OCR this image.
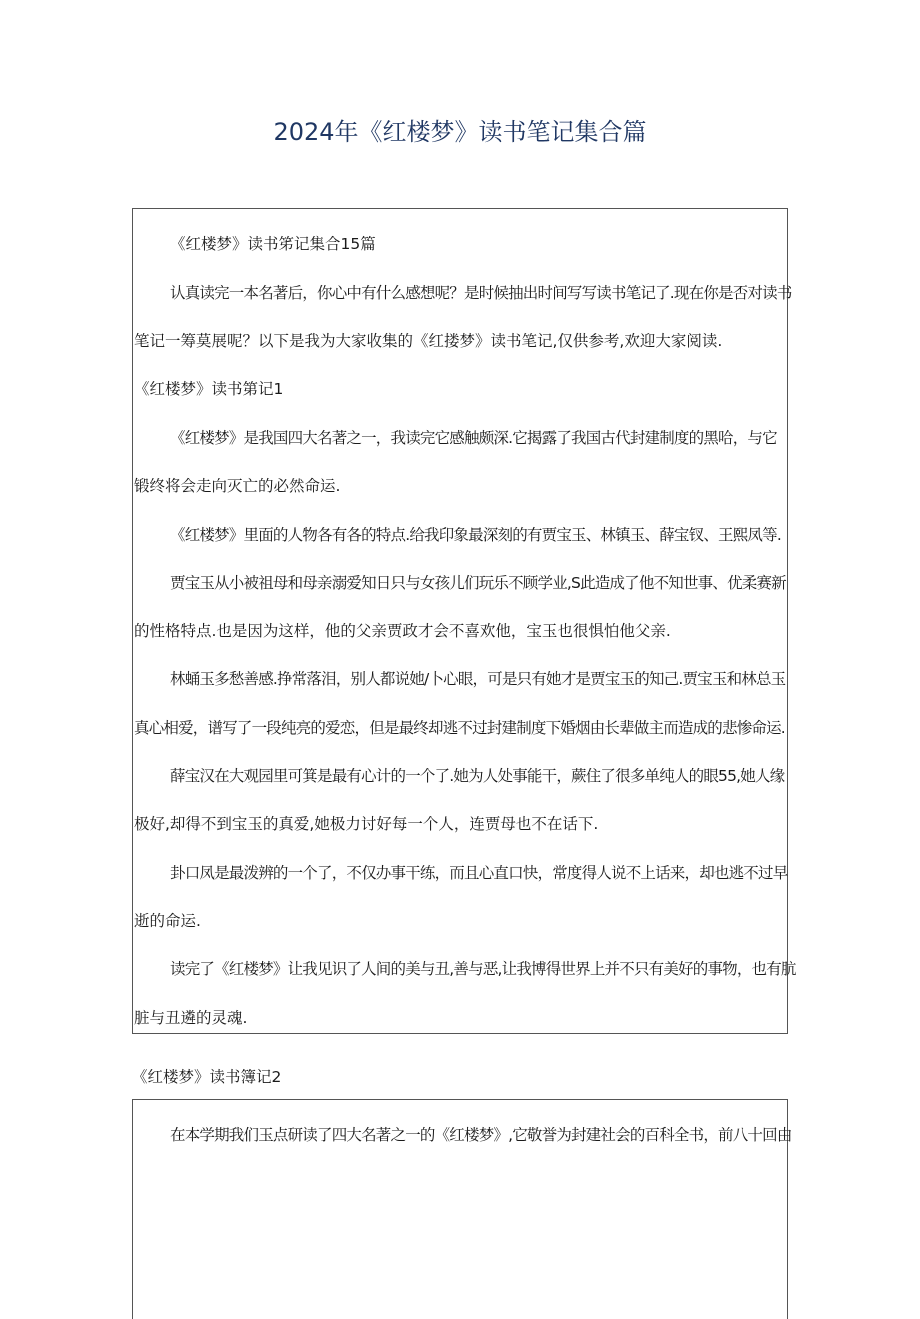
2024年《红楼梦》读书笔记集合篇
《红楼梦》读书笫记集合15篇
认真读完一本名著后，你心中有什么感想呢？是时候抽出时间写写读书笔记了.现在你是否对读书
笔记一筹莫展呢？以下是我为大家收集的《红搂梦》读书笔记,仅供参考,欢迎大家阅读.
《红楼梦》读书第记1
《红楼梦》是我国四大名著之一，我读完它感触颇深.它揭露了我国古代封建制度的黑哈，与它
锻终将会走向灭亡的必然命运.
《红楼梦》里面的人物各有各的特点.给我印象最深刻的有贾宝玉、林镇玉、薛宝钗、王熙凤等.
贾宝玉从小被祖母和母亲溺爱知日只与女孩儿们玩乐不顾学业,S此造成了他不知世事、优柔赛新
的性格特点.也是因为这样，他的父亲贾政才会不喜欢他，宝玉也很惧怕他父亲.
林蛹玉多愁善感.挣常落泪，别人都说她/卜心眼，可是只有她才是贾宝玉的知己.贾宝玉和林总玉
真心相爱，谱写了一段纯亮的爱恋，但是最终却逃不过封建制度下婚烟由长辈做主而造成的悲惨命运.
薛宝汉在大观园里可箕是最有心计的一个了.她为人处事能干，蕨住了很多单纯人的眼55,她人缘
极好,却得不到宝玉的真爱,她极力讨好每一个人，连贾母也不在话下.
卦口凤是最泼辨的一个了，不仅办事干练，而且心直口快，常度得人说不上话来，却也逃不过早
逝的命运.
读完了《红楼梦》让我见识了人间的美与丑,善与恶,让我博得世界上并不只有美好的事物，也有肮
脏与丑遴的灵魂.
《红楼梦》读书簿记2
在本学期我们玉点研读了四大名著之一的《红楼梦》,它敬誉为封建社会的百科全书，前八十回由
